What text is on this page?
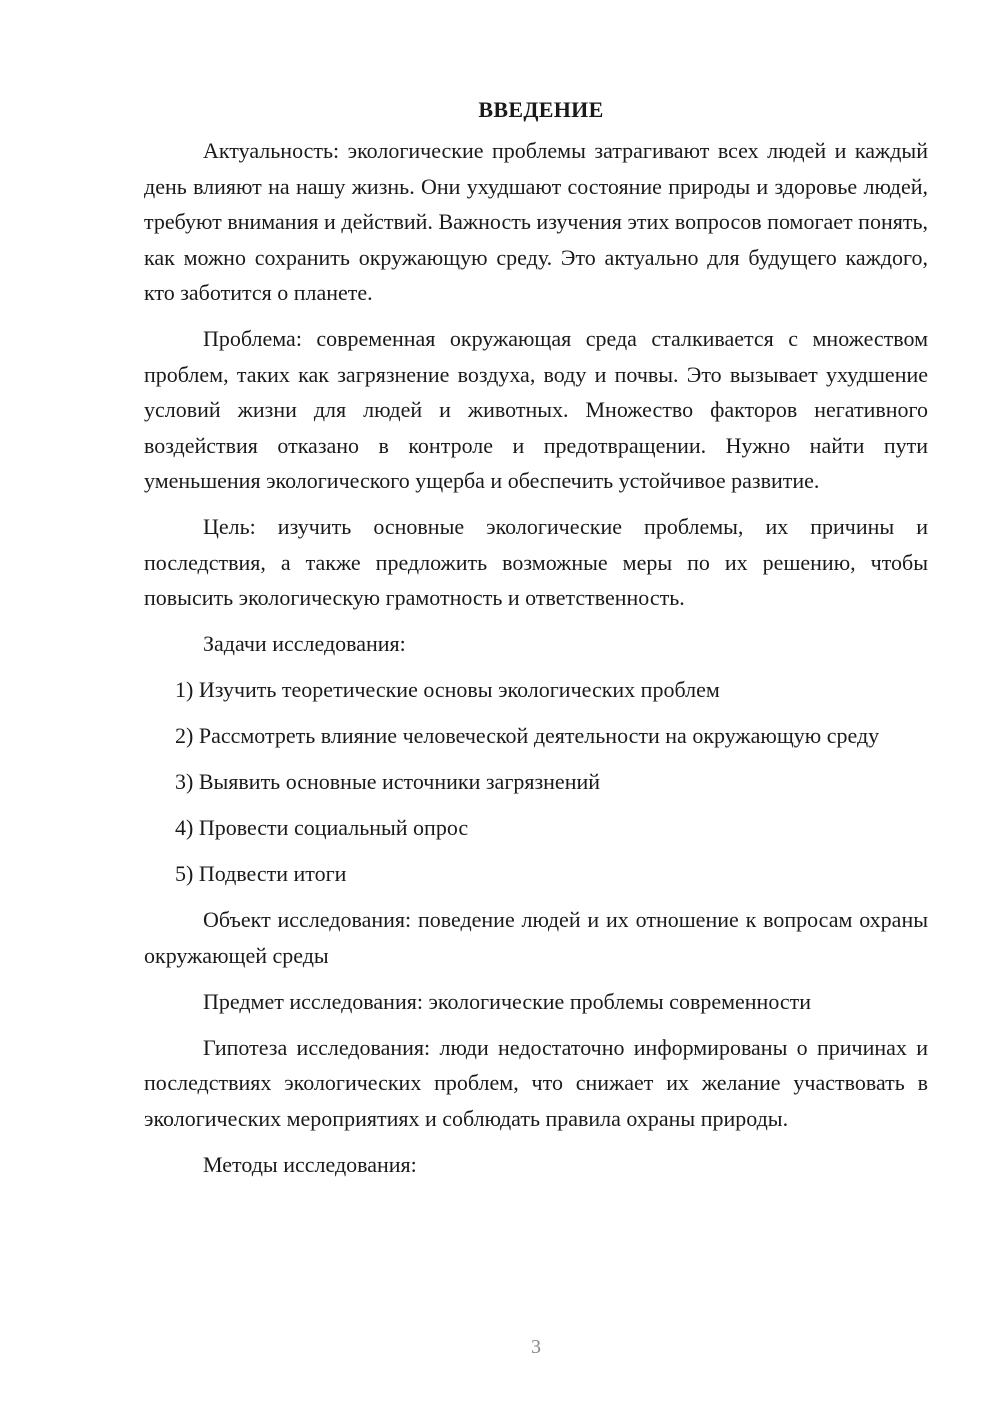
ВВЕДЕНИЕ

Актуальность: экологические проблемы затрагивают всех людей и каждый день влияют на нашу жизнь. Они ухудшают состояние природы и здоровье людей, требуют внимания и действий. Важность изучения этих вопросов помогает понять, как можно сохранить окружающую среду. Это актуально для будущего каждого, кто заботится о планете.

Проблема: современная окружающая среда сталкивается с множеством проблем, таких как загрязнение воздуха, воду и почвы. Это вызывает ухудшение условий жизни для людей и животных. Множество факторов негативного воздействия отказано в контроле и предотвращении. Нужно найти пути уменьшения экологического ущерба и обеспечить устойчивое развитие.

Цель: изучить основные экологические проблемы, их причины и последствия, а также предложить возможные меры по их решению, чтобы повысить экологическую грамотность и ответственность.

Задачи исследования:

1) Изучить теоретические основы экологических проблем

2) Рассмотреть влияние человеческой деятельности на окружающую среду

3) Выявить основные источники загрязнений

4) Провести социальный опрос

5) Подвести итоги

Объект исследования: поведение людей и их отношение к вопросам охраны окружающей среды

Предмет исследования: экологические проблемы современности

Гипотеза исследования: люди недостаточно информированы о причинах и последствиях экологических проблем, что снижает их желание участвовать в экологических мероприятиях и соблюдать правила охраны природы.

Методы исследования:

3
